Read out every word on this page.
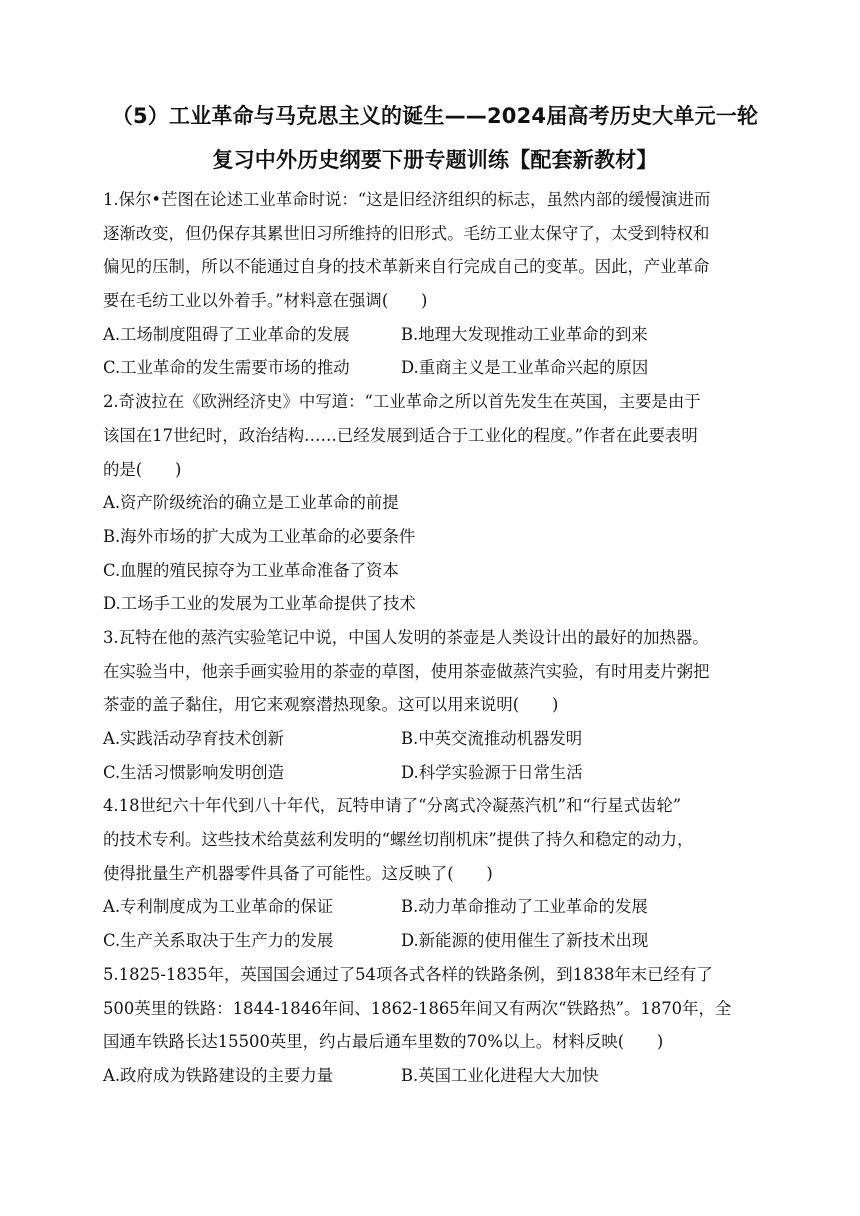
（5）工业革命与马克思主义的诞生——2024届高考历史大单元一轮
复习中外历史纲要下册专题训练【配套新教材】
1.保尔•芒图在论述工业革命时说：“这是旧经济组织的标志，虽然内部的缓慢演进而
逐渐改变，但仍保存其累世旧习所维持的旧形式。毛纺工业太保守了，太受到特权和
偏见的压制，所以不能通过自身的技术革新来自行完成自己的变革。因此，产业革命
要在毛纺工业以外着手。”材料意在强调(　　)
A.工场制度阻碍了工业革命的发展	B.地理大发现推动工业革命的到来
C.工业革命的发生需要市场的推动	D.重商主义是工业革命兴起的原因
2.奇波拉在《欧洲经济史》中写道：“工业革命之所以首先发生在英国，主要是由于
该国在17世纪时，政治结构……已经发展到适合于工业化的程度。”作者在此要表明
的是(　　)
A.资产阶级统治的确立是工业革命的前提
B.海外市场的扩大成为工业革命的必要条件
C.血腥的殖民掠夺为工业革命准备了资本
D.工场手工业的发展为工业革命提供了技术
3.瓦特在他的蒸汽实验笔记中说，中国人发明的茶壶是人类设计出的最好的加热器。
在实验当中，他亲手画实验用的茶壶的草图，使用茶壶做蒸汽实验，有时用麦片粥把
茶壶的盖子黏住，用它来观察潜热现象。这可以用来说明(　　)
A.实践活动孕育技术创新	B.中英交流推动机器发明
C.生活习惯影响发明创造	D.科学实验源于日常生活
4.18世纪六十年代到八十年代，瓦特申请了“分离式冷凝蒸汽机”和“行星式齿轮”
的技术专利。这些技术给莫兹利发明的“螺丝切削机床”提供了持久和稳定的动力，
使得批量生产机器零件具备了可能性。这反映了(　　)
A.专利制度成为工业革命的保证	B.动力革命推动了工业革命的发展
C.生产关系取决于生产力的发展	D.新能源的使用催生了新技术出现
5.1825-1835年，英国国会通过了54项各式各样的铁路条例，到1838年末已经有了
500英里的铁路：1844-1846年间、1862-1865年间又有两次“铁路热”。1870年，全
国通车铁路长达15500英里，约占最后通车里数的70%以上。材料反映(　　)
A.政府成为铁路建设的主要力量	B.英国工业化进程大大加快
